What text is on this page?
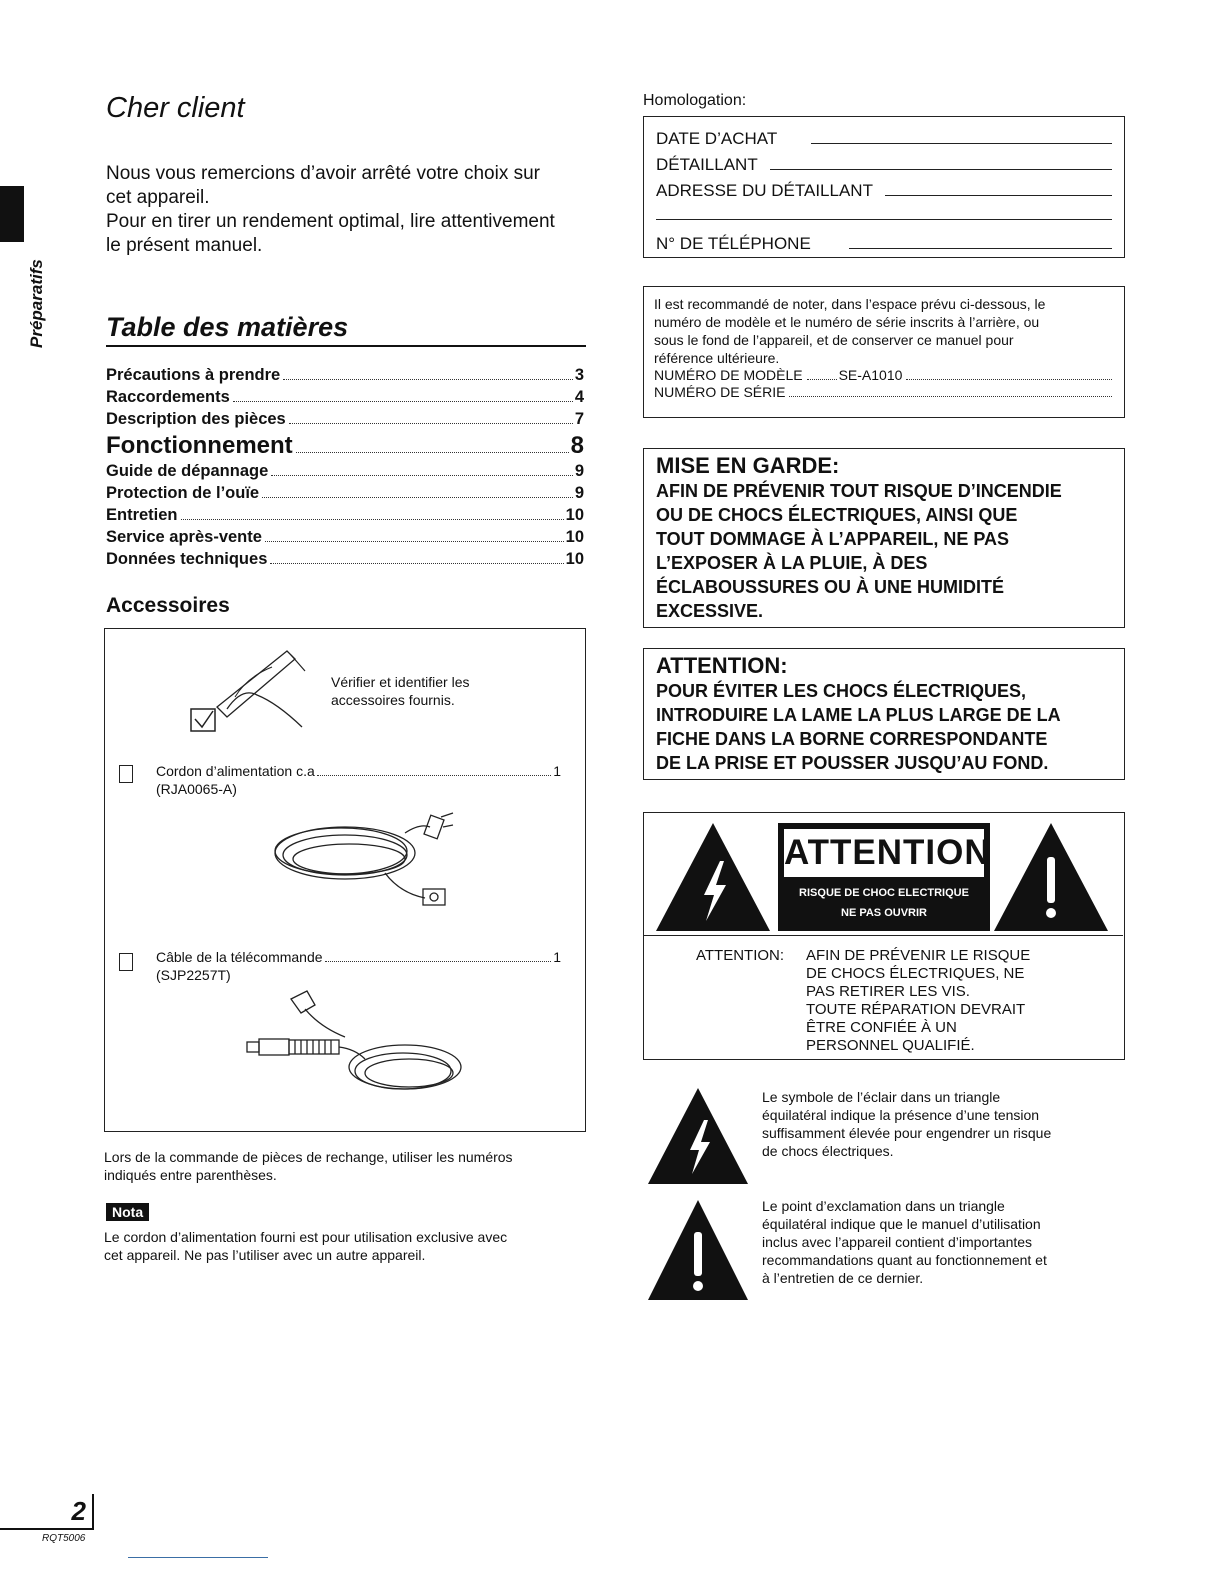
Préparatifs
Cher client
Nous vous remercions d’avoir arrêté votre choix sur
cet appareil.
Pour en tirer un rendement optimal, lire attentivement
le présent manuel.
Table des matières
Précautions à prendre	3
Raccordements	4
Description des pièces	7
Fonctionnement	8
Guide de dépannage	9
Protection de l’ouïe	9
Entretien	10
Service après-vente	10
Données techniques	10
Accessoires
Vérifier et identifier les
accessoires fournis.
Cordon d’alimentation c.a	1
(RJA0065-A)
Câble de la télécommande	1
(SJP2257T)
Lors de la commande de pièces de rechange, utiliser les numéros
indiqués entre parenthèses.
Nota
Le cordon d’alimentation fourni est pour utilisation exclusive avec
cet appareil. Ne pas l’utiliser avec un autre appareil.
Homologation:
DATE D’ACHAT
DÉTAILLANT
ADRESSE DU DÉTAILLANT
N° DE TÉLÉPHONE
Il est recommandé de noter, dans l’espace prévu ci-dessous, le
numéro de modèle et le numéro de série inscrits à l’arrière, ou
sous le fond de l’appareil, et de conserver ce manuel pour
référence ultérieure.
NUMÉRO DE MODÈLE	SE-A1010
NUMÉRO DE SÉRIE
MISE EN GARDE:
AFIN DE PRÉVENIR TOUT RISQUE D’INCENDIE
OU DE CHOCS ÉLECTRIQUES, AINSI QUE
TOUT DOMMAGE À L’APPAREIL, NE PAS
L’EXPOSER À LA PLUIE, À DES
ÉCLABOUSSURES OU À UNE HUMIDITÉ
EXCESSIVE.
ATTENTION:
POUR ÉVITER LES CHOCS ÉLECTRIQUES,
INTRODUIRE LA LAME LA PLUS LARGE DE LA
FICHE DANS LA BORNE CORRESPONDANTE
DE LA PRISE ET POUSSER JUSQU’AU FOND.
ATTENTION
RISQUE DE CHOC ELECTRIQUE
NE PAS OUVRIR
ATTENTION: AFIN DE PRÉVENIR LE RISQUE
DE CHOCS ÉLECTRIQUES, NE
PAS RETIRER LES VIS.
TOUTE RÉPARATION DEVRAIT
ÊTRE CONFIÉE À UN
PERSONNEL QUALIFIÉ.
Le symbole de l’éclair dans un triangle
équilatéral indique la présence d’une tension
suffisamment élevée pour engendrer un risque
de chocs électriques.
Le point d’exclamation dans un triangle
équilatéral indique que le manuel d’utilisation
inclus avec l’appareil contient d’importantes
recommandations quant au fonctionnement et
à l’entretien de ce dernier.
2
RQT5006
